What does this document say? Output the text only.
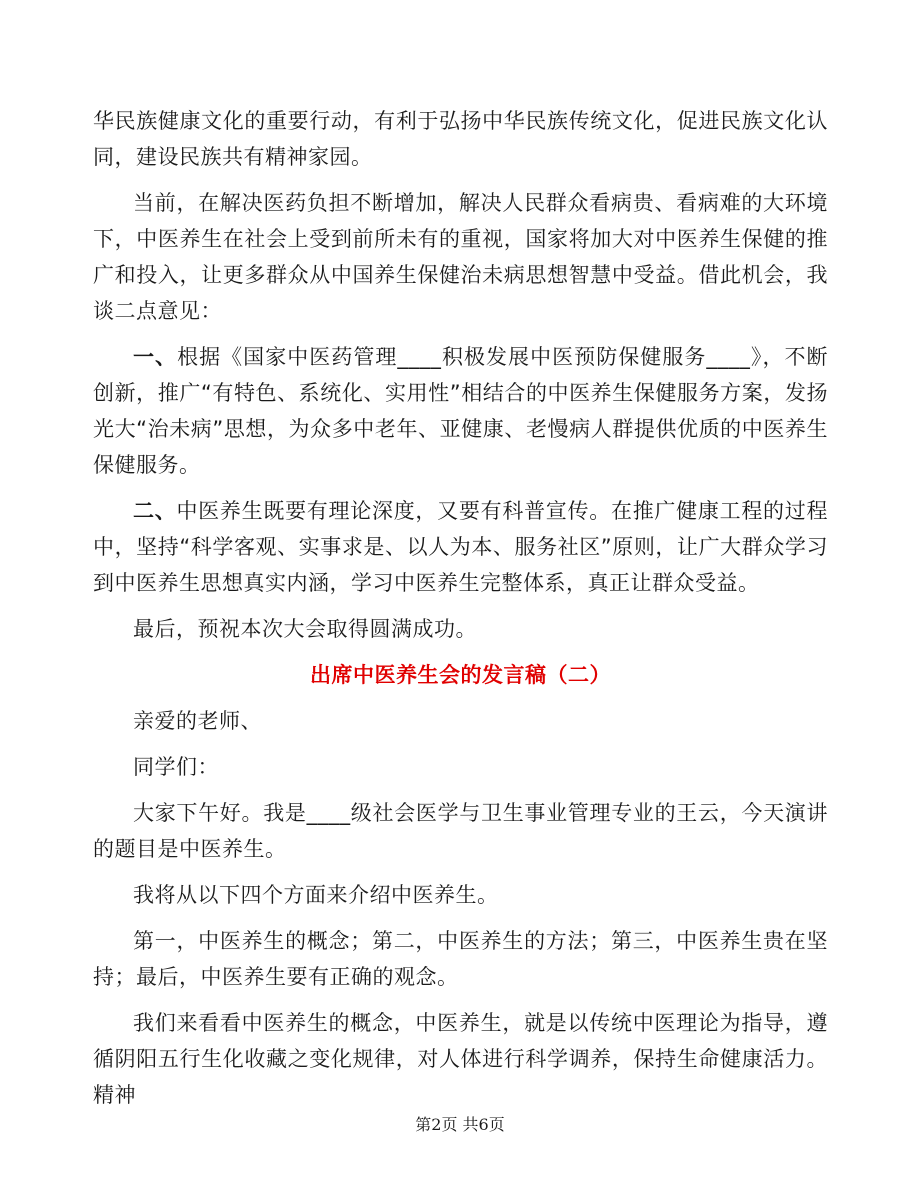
华民族健康文化的重要行动，有利于弘扬中华民族传统文化，促进民族文化认同，建设民族共有精神家园。

当前，在解决医药负担不断增加，解决人民群众看病贵、看病难的大环境下，中医养生在社会上受到前所未有的重视，国家将加大对中医养生保健的推广和投入，让更多群众从中国养生保健治未病思想智慧中受益。借此机会，我谈二点意见：

一、根据《国家中医药管理____积极发展中医预防保健服务____》，不断创新，推广“有特色、系统化、实用性”相结合的中医养生保健服务方案，发扬光大“治未病”思想，为众多中老年、亚健康、老慢病人群提供优质的中医养生保健服务。

二、中医养生既要有理论深度，又要有科普宣传。在推广健康工程的过程中，坚持“科学客观、实事求是、以人为本、服务社区”原则，让广大群众学习到中医养生思想真实内涵，学习中医养生完整体系，真正让群众受益。

最后，预祝本次大会取得圆满成功。

出席中医养生会的发言稿（二）

亲爱的老师、

同学们：

大家下午好。我是____级社会医学与卫生事业管理专业的王云，今天演讲的题目是中医养生。

我将从以下四个方面来介绍中医养生。

第一，中医养生的概念；第二，中医养生的方法；第三，中医养生贵在坚持；最后，中医养生要有正确的观念。

我们来看看中医养生的概念，中医养生，就是以传统中医理论为指导，遵循阴阳五行生化收藏之变化规律，对人体进行科学调养，保持生命健康活力。精神

第2页 共6页
